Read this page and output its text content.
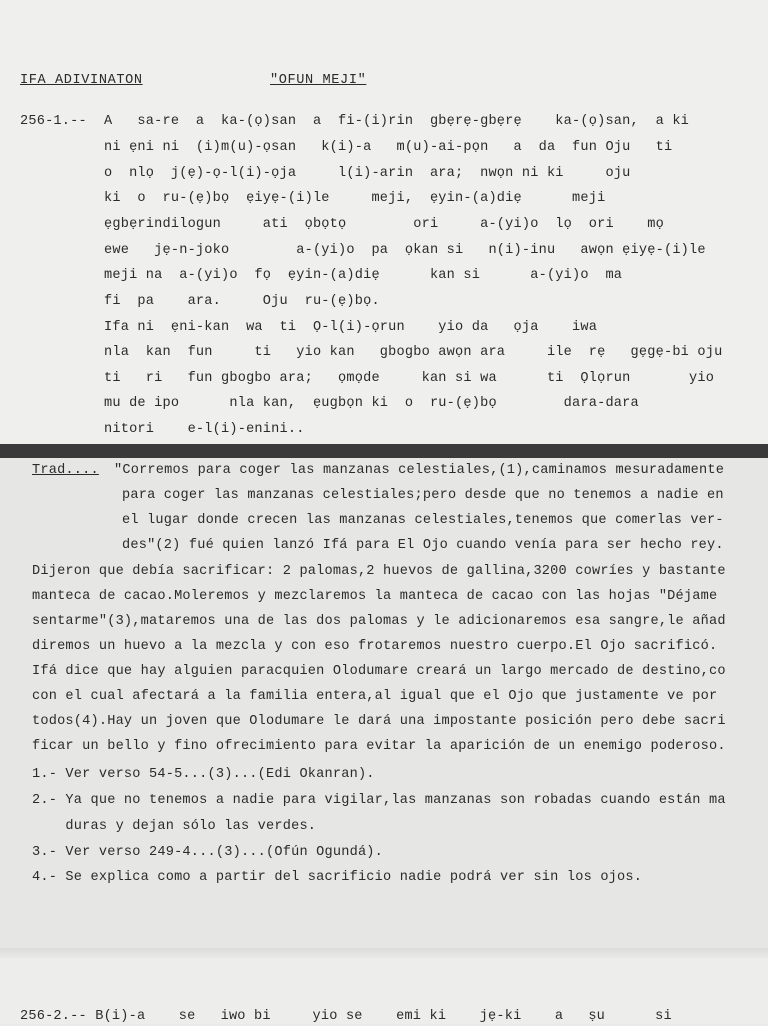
IFA ADIVINATON	"OFUN MEJI"
256-1.-- A   sa-re  a  ka-(ọ)san  a  fi-(i)rin  gbẹrẹ-gbẹrẹ    ka-(ọ)san,  a ki
ni ẹni ni  (i)m(u)-ọsan   k(i)-a   m(u)-ai-pọn   a  da  fun Oju   ti
o  nlọ  j(ẹ)-ọ-l(i)-ọja     l(i)-arin  ara;  nwọn ni ki     oju
ki  o  ru-(ẹ)bọ  ẹiyẹ-(i)le     meji,  ẹyin-(a)diẹ      meji
ẹgbẹrindilogun     ati  ọbọtọ        ori     a-(yi)o  lọ  ori    mọ
ewe   jẹ-n-joko        a-(yi)o  pa  ọkan si   n(i)-inu   awọn ẹiyẹ-(i)le
meji na  a-(yi)o  fọ  ẹyin-(a)diẹ      kan si      a-(yi)o  ma
fi  pa    ara.     Oju  ru-(ẹ)bọ.
Ifa ni  ẹni-kan  wa  ti  Ọ-l(i)-ọrun    yio da   ọja    iwa
nla  kan  fun     ti   yio kan   gbogbo awọn ara     ile  rẹ   gẹgẹ-bi oju
ti   ri   fun gbogbo ara;   ọmọde     kan si wa      ti  Ọlọrun       yio
mu de ipo      nla kan,  ẹugbọn ki  o  ru-(ẹ)bọ        dara-dara
nitori    e-l(i)-enini..
Trad.... "Corremos para coger las manzanas celestiales,(1),caminamos mesuradamente
para coger las manzanas celestiales;pero desde que no tenemos a nadie en
el lugar donde crecen las manzanas celestiales,tenemos que comerlas ver-
des"(2) fué quien lanzó Ifá para El Ojo cuando venía para ser hecho rey.
Dijeron que debía sacrificar: 2 palomas,2 huevos de gallina,3200 cowríes y bastante
manteca de cacao.Moleremos y mezclaremos la manteca de cacao con las hojas "Déjame
sentarme"(3),mataremos una de las dos palomas y le adicionaremos esa sangre,le añad
diremos un huevo a la mezcla y con eso frotaremos nuestro cuerpo.El Ojo sacrificó.
Ifá dice que hay alguien paracquien Olodumare creará un largo mercado de destino,co
con el cual afectará a la familia entera,al igual que el Ojo que justamente ve por
todos(4).Hay un joven que Olodumare le dará una impostante posición pero debe sacri
ficar un bello y fino ofrecimiento para evitar la aparición de un enemigo poderoso.
1.- Ver verso 54-5...(3)...(Edi Okanran).
2.- Ya que no tenemos a nadie para vigilar,las manzanas son robadas cuando están ma
duras y dejan sólo las verdes.
3.- Ver verso 249-4...(3)...(Ofún Ogundá).
4.- Se explica como a partir del sacrificio nadie podrá ver sin los ojos.
256-2.-- B(i)-a    se   iwo bi     yio se    emi ki    jẹ-ki    a   ṣu      si
